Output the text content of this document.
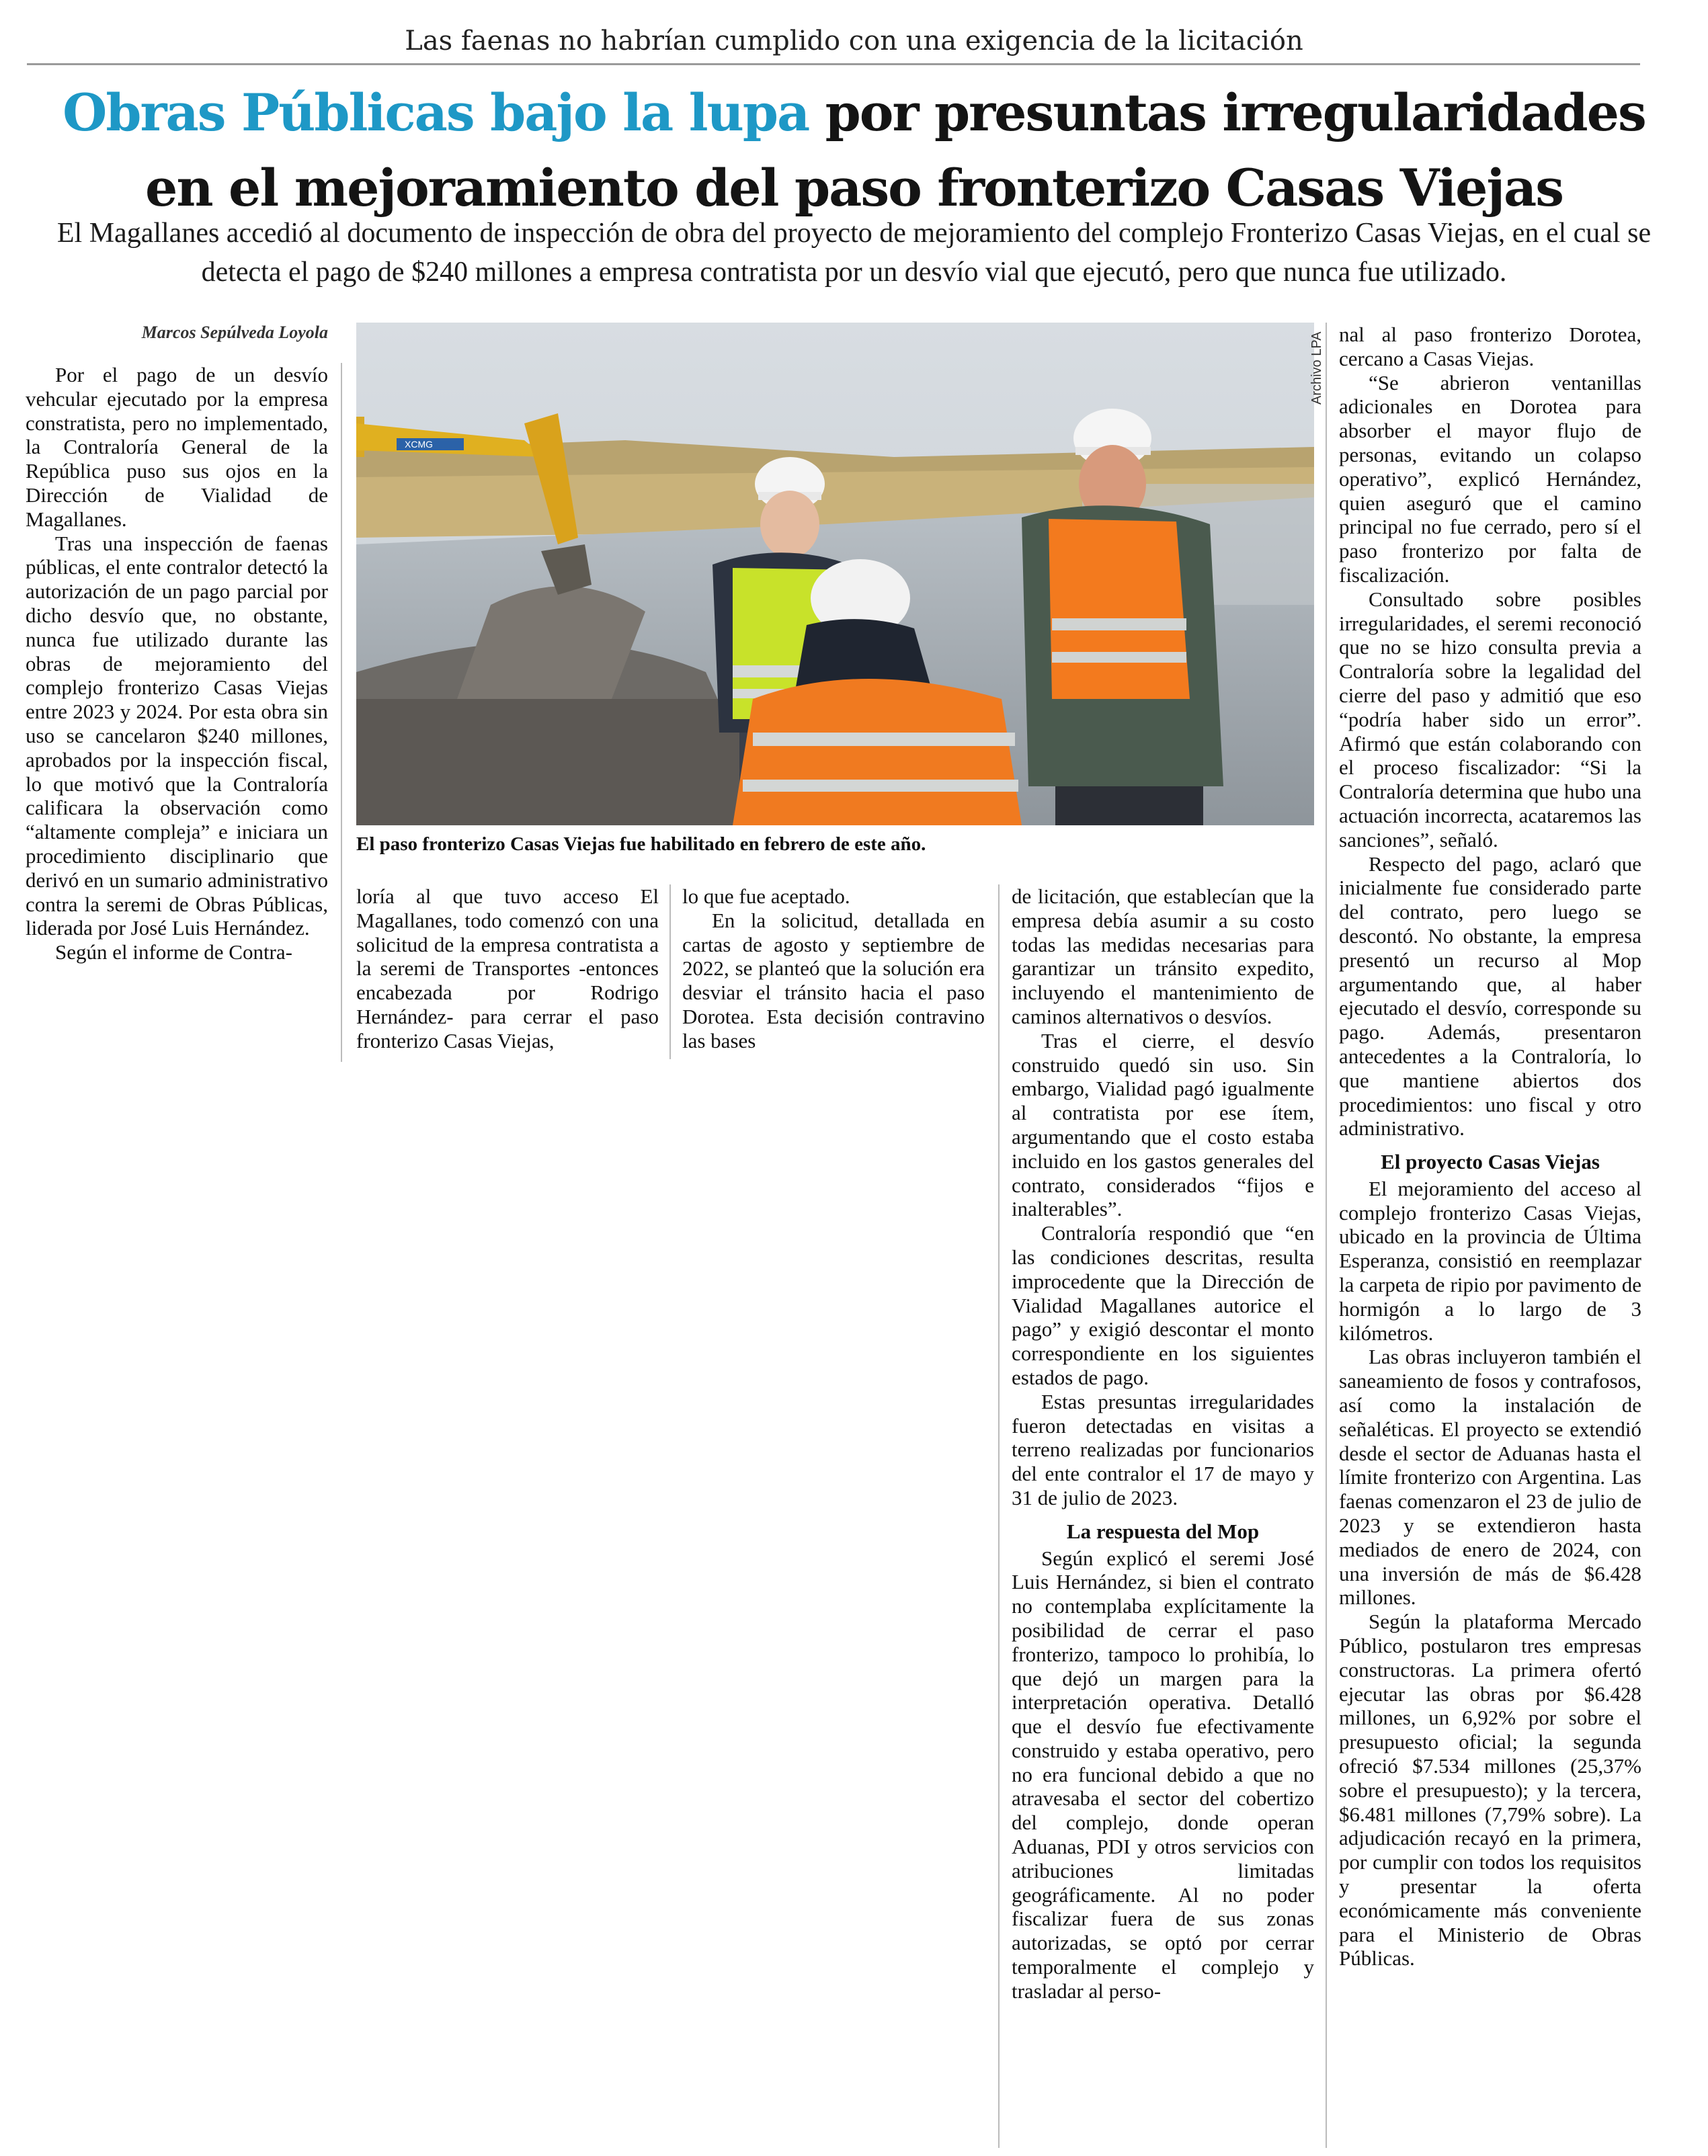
Las faenas no habrían cumplido con una exigencia de la licitación
Obras Públicas bajo la lupa por presuntas irregularidades
en el mejoramiento del paso fronterizo Casas Viejas
El Magallanes accedió al documento de inspección de obra del proyecto de mejoramiento del complejo Fronterizo Casas Viejas, en el cual se detecta el pago de $240 millones a empresa contratista por un desvío vial que ejecutó, pero que nunca fue utilizado.
Marcos Sepúlveda Loyola
XCMG
Archivo LPA
El paso fronterizo Casas Viejas fue habilitado en febrero de este año.

Por el pago de un desvío vehcular ejecutado por la empresa constratista, pero no implementado, la Contraloría General de la República puso sus ojos en la Dirección de Vialidad de Magallanes.

Tras una inspección de faenas públicas, el ente contralor detectó la autorización de un pago parcial por dicho desvío que, no obstante, nunca fue utilizado durante las obras de mejoramiento del complejo fronterizo Casas Viejas entre 2023 y 2024. Por esta obra sin uso se cancelaron $240 millones, aprobados por la inspección fiscal, lo que motivó que la Contraloría calificara la observación como “altamente compleja” e iniciara un procedimiento disciplinario que derivó en un sumario administrativo contra la seremi de Obras Públicas, liderada por José Luis Hernández.

Según el informe de Contra-

loría al que tuvo acceso El Magallanes, todo comenzó con una solicitud de la empresa contratista a la seremi de Transportes -entonces encabezada por Rodrigo Hernández- para cerrar el paso fronterizo Casas Viejas,

lo que fue aceptado.

En la solicitud, detallada en cartas de agosto y septiembre de 2022, se planteó que la solución era desviar el tránsito hacia el paso Dorotea. Esta decisión contravino las bases

de licitación, que establecían que la empresa debía asumir a su costo todas las medidas necesarias para garantizar un tránsito expedito, incluyendo el mantenimiento de caminos alternativos o desvíos.

Tras el cierre, el desvío construido quedó sin uso. Sin embargo, Vialidad pagó igualmente al contratista por ese ítem, argumentando que el costo estaba incluido en los gastos generales del contrato, considerados “fijos e inalterables”.

Contraloría respondió que “en las condiciones descritas, resulta improcedente que la Dirección de Vialidad Magallanes autorice el pago” y exigió descontar el monto correspondiente en los siguientes estados de pago.

Estas presuntas irregularidades fueron detectadas en visitas a terreno realizadas por funcionarios del ente contralor el 17 de mayo y 31 de julio de 2023.

La respuesta del Mop

Según explicó el seremi José Luis Hernández, si bien el contrato no contemplaba explícitamente la posibilidad de cerrar el paso fronterizo, tampoco lo prohibía, lo que dejó un margen para la interpretación operativa. Detalló que el desvío fue efectivamente construido y estaba operativo, pero no era funcional debido a que no atravesaba el sector del cobertizo del complejo, donde operan Aduanas, PDI y otros servicios con atribuciones limitadas geográficamente. Al no poder fiscalizar fuera de sus zonas autorizadas, se optó por cerrar temporalmente el complejo y trasladar al perso-

nal al paso fronterizo Dorotea, cercano a Casas Viejas.

“Se abrieron ventanillas adicionales en Dorotea para absorber el mayor flujo de personas, evitando un colapso operativo”, explicó Hernández, quien aseguró que el camino principal no fue cerrado, pero sí el paso fronterizo por falta de fiscalización.

Consultado sobre posibles irregularidades, el seremi reconoció que no se hizo consulta previa a Contraloría sobre la legalidad del cierre del paso y admitió que eso “podría haber sido un error”. Afirmó que están colaborando con el proceso fiscalizador: “Si la Contraloría determina que hubo una actuación incorrecta, acataremos las sanciones”, señaló.

Respecto del pago, aclaró que inicialmente fue considerado parte del contrato, pero luego se descontó. No obstante, la empresa presentó un recurso al Mop argumentando que, al haber ejecutado el desvío, corresponde su pago. Además, presentaron antecedentes a la Contraloría, lo que mantiene abiertos dos procedimientos: uno fiscal y otro administrativo.

El proyecto Casas Viejas

El mejoramiento del acceso al complejo fronterizo Casas Viejas, ubicado en la provincia de Última Esperanza, consistió en reemplazar la carpeta de ripio por pavimento de hormigón a lo largo de 3 kilómetros.

Las obras incluyeron también el saneamiento de fosos y contrafosos, así como la instalación de señaléticas. El proyecto se extendió desde el sector de Aduanas hasta el límite fronterizo con Argentina. Las faenas comenzaron el 23 de julio de 2023 y se extendieron hasta mediados de enero de 2024, con una inversión de más de $6.428 millones.

Según la plataforma Mercado Público, postularon tres empresas constructoras. La primera ofertó ejecutar las obras por $6.428 millones, un 6,92% por sobre el presupuesto oficial; la segunda ofreció $7.534 millones (25,37% sobre el presupuesto); y la tercera, $6.481 millones (7,79% sobre). La adjudicación recayó en la primera, por cumplir con todos los requisitos y presentar la oferta económicamente más conveniente para el Ministerio de Obras Públicas.
